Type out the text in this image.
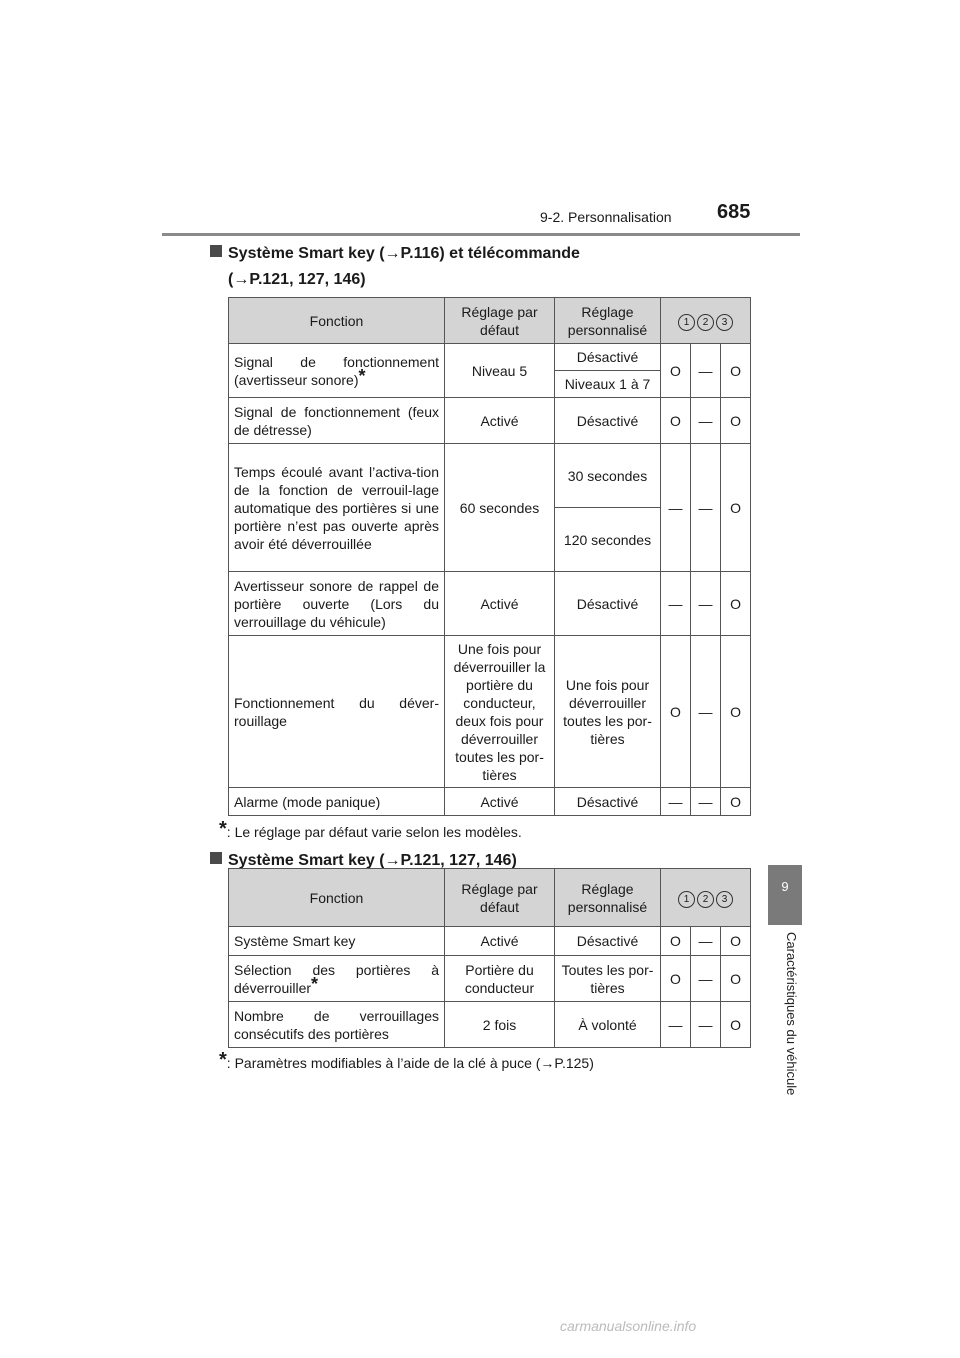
9-2. Personnalisation 685
9
Caractéristiques du véhicule
Système Smart key (→P.116) et télécommande
(→P.121, 127, 146)
Fonction	Réglage par défaut	Réglage personnalisé	1 2 3		
Signal de fonctionnement (avertisseur sonore)*	Niveau 5	Désactivé	O	—	O
		Niveaux 1 à 7			
Signal de fonctionnement (feux de détresse)	Activé	Désactivé	O	—	O
Temps écoulé avant l’activa-tion de la fonction de verrouil-lage automatique des portières si une portière n’est pas ouverte après avoir été déverrouillée	60 secondes	30 secondes	—	—	O
		120 secondes			
Avertisseur sonore de rappel de portière ouverte (Lors du verrouillage du véhicule)	Activé	Désactivé	—	—	O
Fonctionnement du déver-rouillage	Une fois pour déverrouiller la portière du conducteur, deux fois pour déverrouiller toutes les por-tières	Une fois pour déverrouiller toutes les por-tières	O	—	O
Alarme (mode panique)	Activé	Désactivé	—	—	O
*: Le réglage par défaut varie selon les modèles.
Système Smart key (→P.121, 127, 146)
Fonction	Réglage par défaut	Réglage personnalisé	1 2 3		
Système Smart key	Activé	Désactivé	O	—	O
Sélection des portières à déverrouiller*	Portière du conducteur	Toutes les por-tières	O	—	O
Nombre de verrouillages consécutifs des portières	2 fois	À volonté	—	—	O
*: Paramètres modifiables à l’aide de la clé à puce (→P.125)
carmanualsonline.info
